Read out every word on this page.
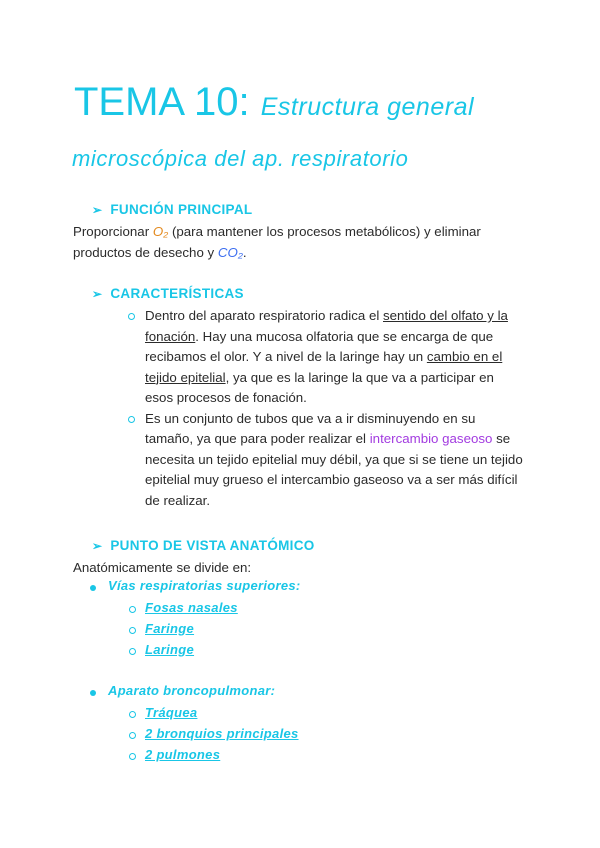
TEMA 10: Estructura general
microscópica del ap. respiratorio
➢ FUNCIÓN PRINCIPAL
Proporcionar O₂ (para mantener los procesos metabólicos) y eliminar
productos de desecho y CO₂.
➢ CARACTERÍSTICAS
Dentro del aparato respiratorio radica el sentido del olfato y la fonación. Hay una mucosa olfatoria que se encarga de que recibamos el olor. Y a nivel de la laringe hay un cambio en el tejido epitelial, ya que es la laringe la que va a participar en esos procesos de fonación.
Es un conjunto de tubos que va a ir disminuyendo en su tamaño, ya que para poder realizar el intercambio gaseoso se necesita un tejido epitelial muy débil, ya que si se tiene un tejido epitelial muy grueso el intercambio gaseoso va a ser más difícil de realizar.
➢ PUNTO DE VISTA ANATÓMICO
Anatómicamente se divide en:
Vías respiratorias superiores:
Fosas nasales
Faringe
Laringe
Aparato broncopulmonar:
Tráquea
2 bronquios principales
2 pulmones
